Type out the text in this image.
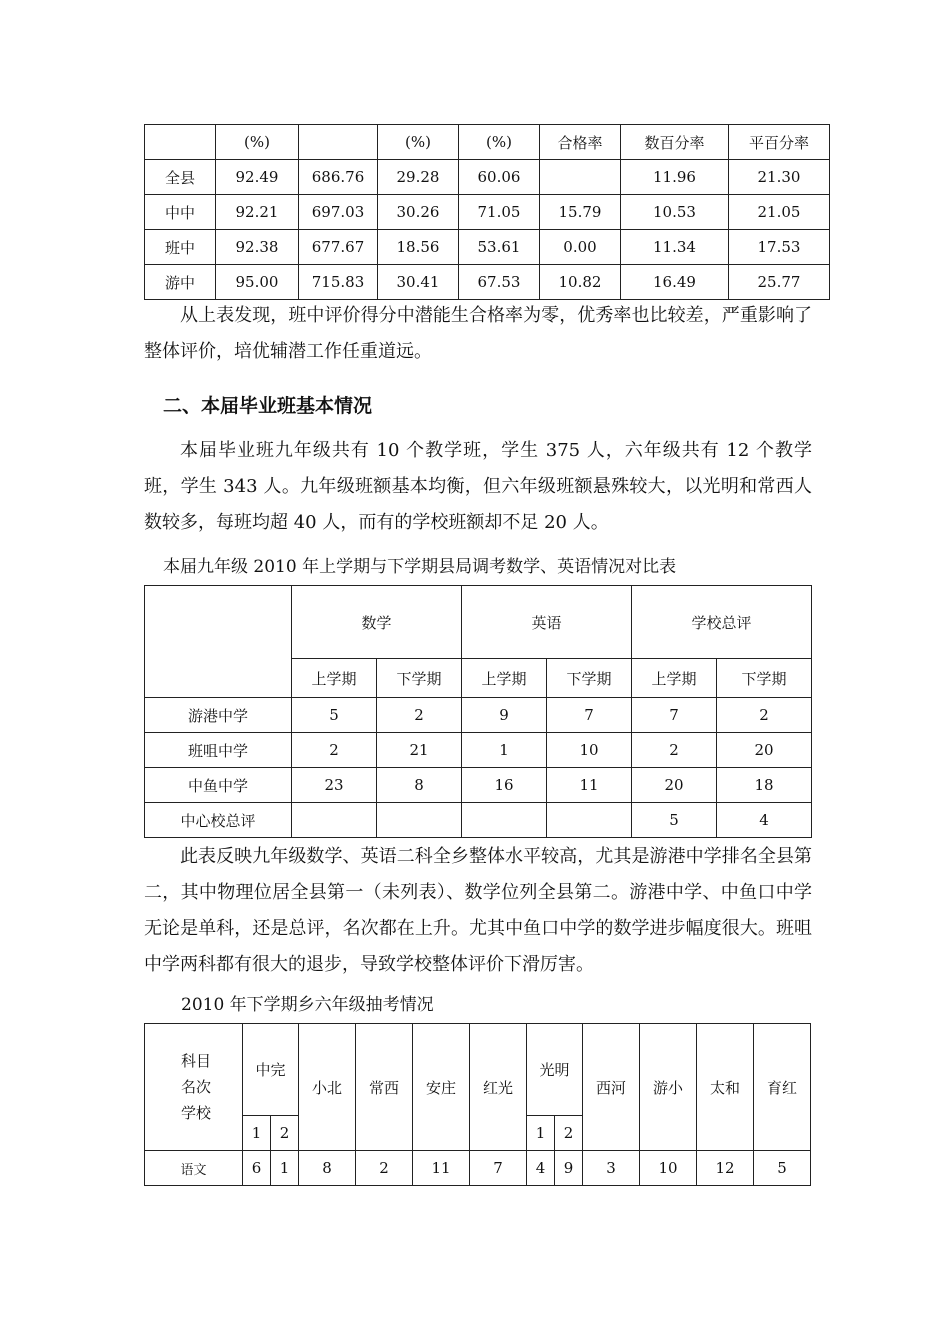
	(%)		(%)	(%)	合格率	数百分率	平百分率
全县	92.49	686.76	29.28	60.06		11.96	21.30
中中	92.21	697.03	30.26	71.05	15.79	10.53	21.05
班中	92.38	677.67	18.56	53.61	0.00	11.34	17.53
游中	95.00	715.83	30.41	67.53	10.82	16.49	25.77

从上表发现，班中评价得分中潜能生合格率为零，优秀率也比较差，严重影响了整体评价，培优辅潜工作任重道远。

二、本届毕业班基本情况

本届毕业班九年级共有 10 个教学班，学生 375 人，六年级共有 12 个教学班，学生 343 人。九年级班额基本均衡，但六年级班额悬殊较大，以光明和常西人数较多，每班均超 40 人，而有的学校班额却不足 20 人。

本届九年级 2010 年上学期与下学期县局调考数学、英语情况对比表
	数学		英语		学校总评	
	上学期	下学期	上学期	下学期	上学期	下学期
游港中学	5	2	9	7	7	2
班咀中学	2	21	1	10	2	20
中鱼中学	23	8	16	11	20	18
中心校总评					5	4

此表反映九年级数学、英语二科全乡整体水平较高，尤其是游港中学排名全县第二，其中物理位居全县第一（未列表）、数学位列全县第二。游港中学、中鱼口中学无论是单科，还是总评，名次都在上升。尤其中鱼口中学的数学进步幅度很大。班咀中学两科都有很大的退步，导致学校整体评价下滑厉害。

2010 年下学期乡六年级抽考情况
科目
名次
学校	中完		小北	常西	安庄	红光	光明		西河	游小	太和	育红
	1	2					1	2				
语文	6	1	8	2	11	7	4	9	3	10	12	5
